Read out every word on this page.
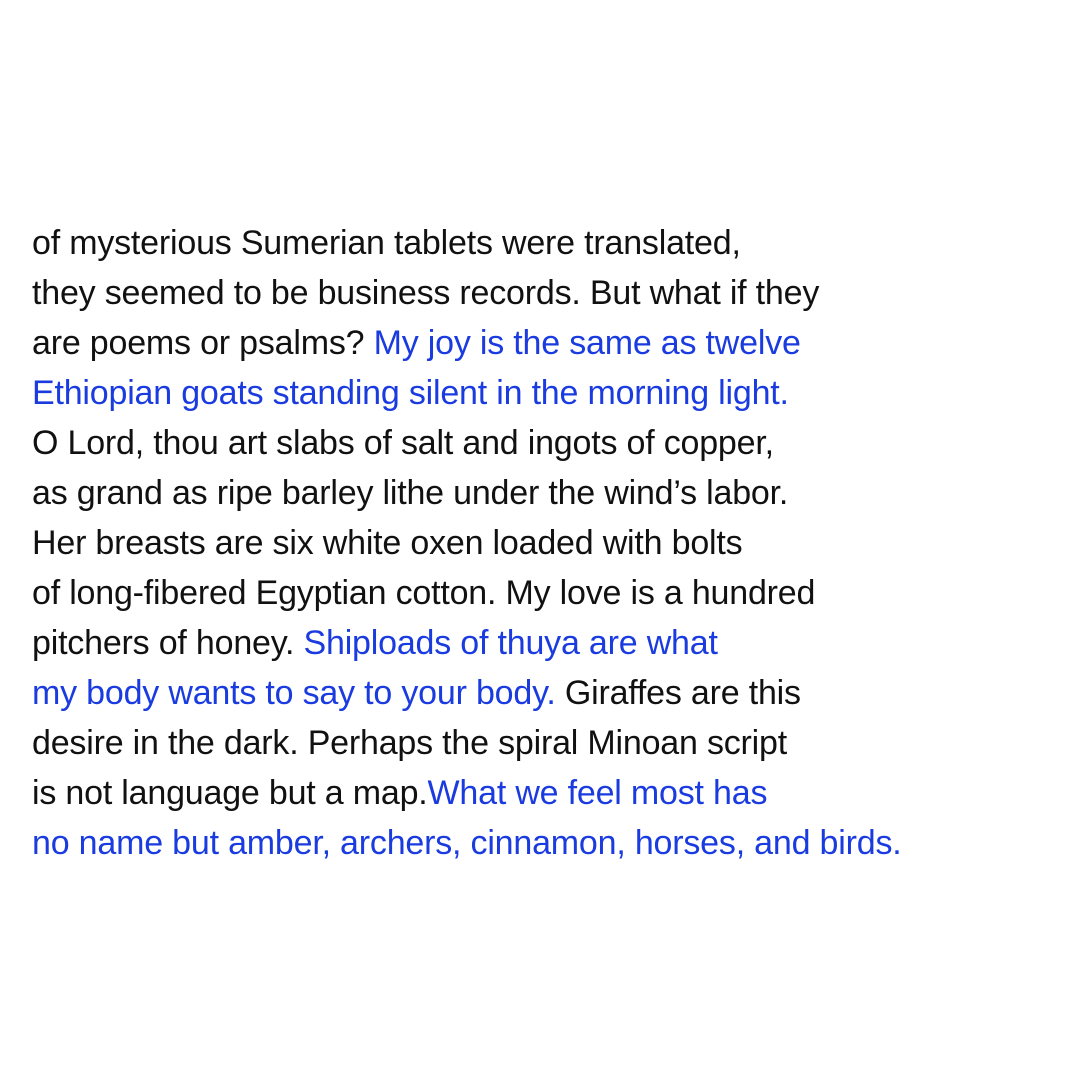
of mysterious Sumerian tablets were translated,
they seemed to be business records. But what if they
are poems or psalms? My joy is the same as twelve
Ethiopian goats standing silent in the morning light.
O Lord, thou art slabs of salt and ingots of copper,
as grand as ripe barley lithe under the wind’s labor.
Her breasts are six white oxen loaded with bolts
of long-fibered Egyptian cotton. My love is a hundred
pitchers of honey. Shiploads of thuya are what
my body wants to say to your body. Giraffes are this
desire in the dark. Perhaps the spiral Minoan script
is not language but a map.What we feel most has
no name but amber, archers, cinnamon, horses, and birds.
